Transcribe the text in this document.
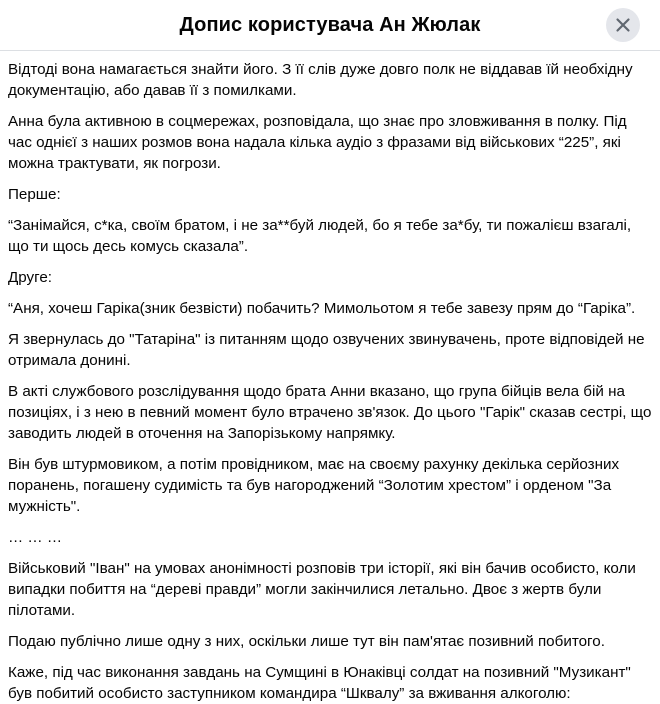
Допис користувача Ан Жюлак

Відтоді вона намагається знайти його. З її слів дуже довго полк не віддавав їй необхідну документацію, або давав її з помилками.

Анна була активною в соцмережах, розповідала, що знає про зловживання в полку. Під час однієї з наших розмов вона надала кілька аудіо з фразами від військових “225”, які можна трактувати, як погрози.

Перше:

“Занімайся, с*ка, своїм братом, і не за**буй людей, бо я тебе за*бу, ти пожалієш взагалі, що ти щось десь комусь сказала”.

Друге:

“Аня, хочеш Гаріка(зник безвісти) побачить? Мимольотом я тебе завезу прям до “Гаріка”.

Я звернулась до "Татаріна" із питанням щодо озвучених звинувачень, проте відповідей не отримала донині.

В акті службового розслідування щодо брата Анни вказано, що група бійців вела бій на позиціях, і з нею в певний момент було втрачено зв'язок. До цього "Гарік" сказав сестрі, що заводить людей в оточення на Запорізькому напрямку.

Він був штурмовиком, а потім провідником, має на своєму рахунку декілька серйозних поранень, погашену судимість та був нагороджений “Золотим хрестом” і орденом "За мужність".

… … …

Військовий "Іван" на умовах анонімності розповів три історії, які він бачив особисто, коли випадки побиття на “дереві правди” могли закінчилися летально. Двоє з жертв були пілотами.

Подаю публічно лише одну з них, оскільки лише тут він пам'ятає позивний побитого.

Каже, під час виконання завдань на Сумщині в Юнаківці солдат на позивний "Музикант" був побитий особисто заступником командира “Шквалу” за вживання алкоголю:
